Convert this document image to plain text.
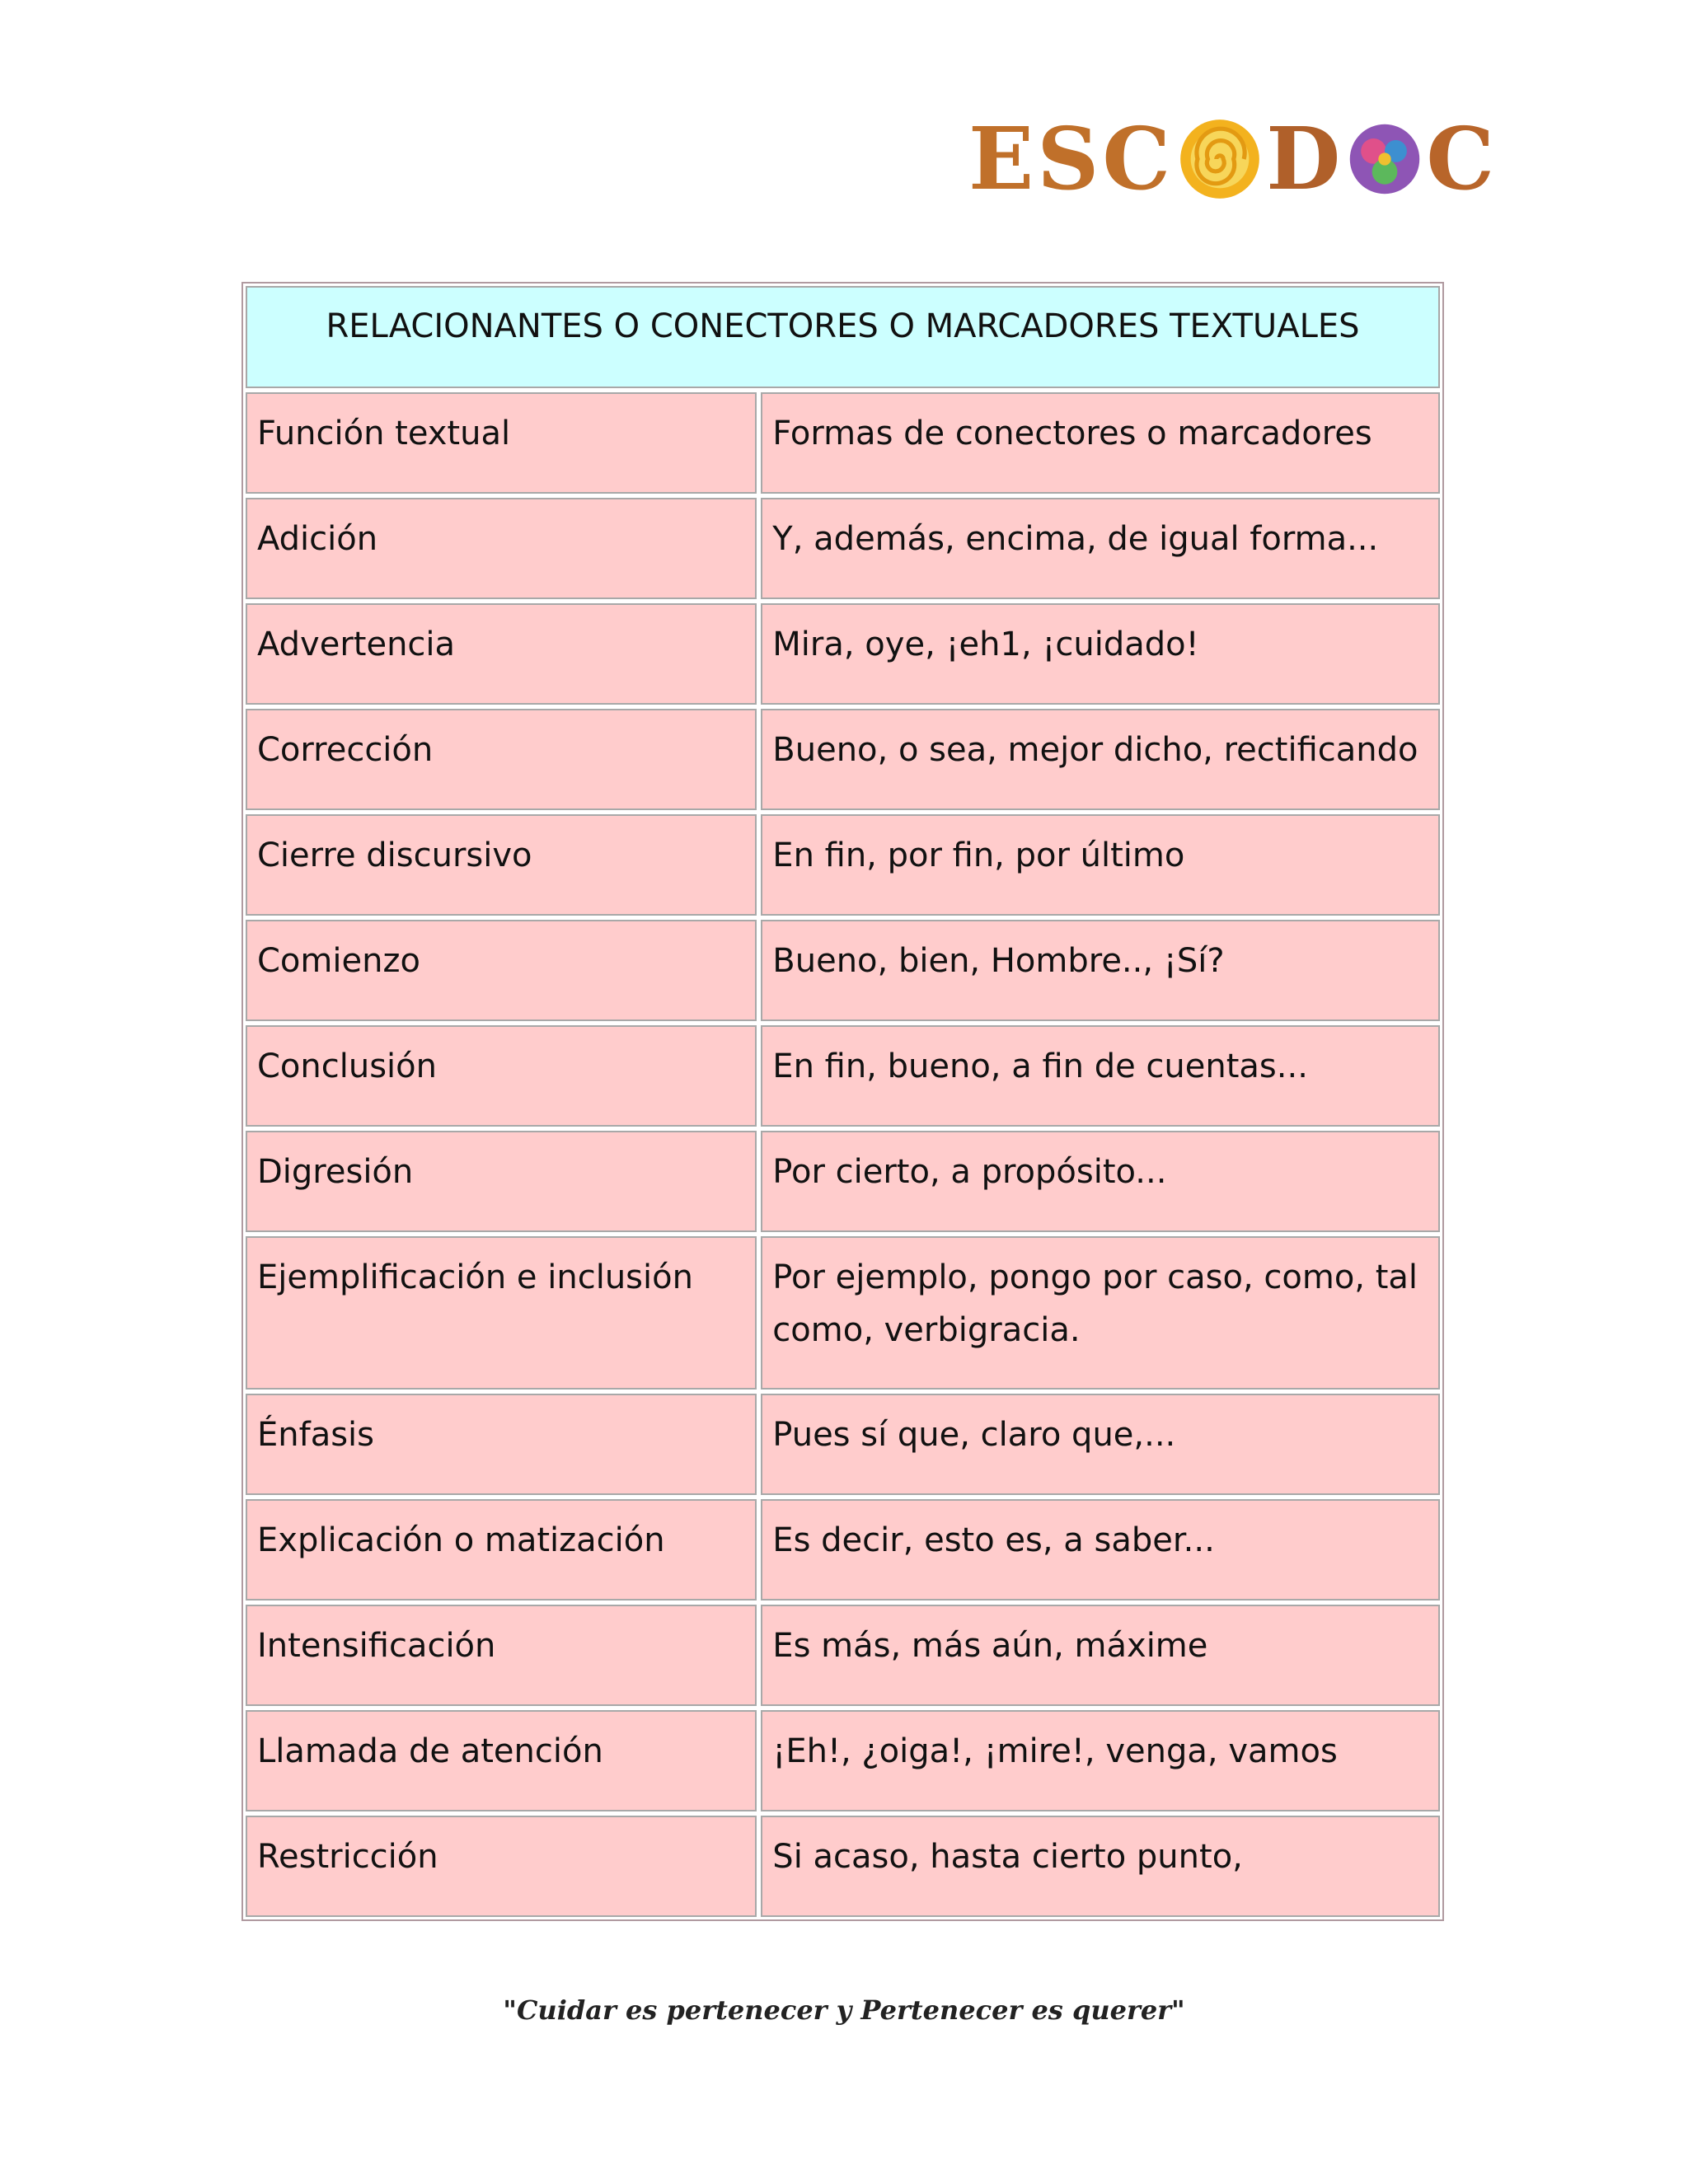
ESC D C
RELACIONANTES O CONECTORES O MARCADORES TEXTUALES
Función textual	Formas de conectores o marcadores
Adición	Y, además, encima, de igual forma...
Advertencia	Mira, oye, ¡eh1, ¡cuidado!
Corrección	Bueno, o sea, mejor dicho, rectificando
Cierre discursivo	En fin, por fin, por último
Comienzo	Bueno, bien, Hombre.., ¡Sí?
Conclusión	En fin, bueno, a fin de cuentas...
Digresión	Por cierto, a propósito...
Ejemplificación e inclusión	Por ejemplo, pongo por caso, como, tal como, verbigracia.
Énfasis	Pues sí que, claro que,...
Explicación o matización	Es decir, esto es, a saber...
Intensificación	Es más, más aún, máxime
Llamada de atención	¡Eh!, ¿oiga!, ¡mire!, venga, vamos
Restricción	Si acaso, hasta cierto punto,
"Cuidar es pertenecer y Pertenecer es querer"
